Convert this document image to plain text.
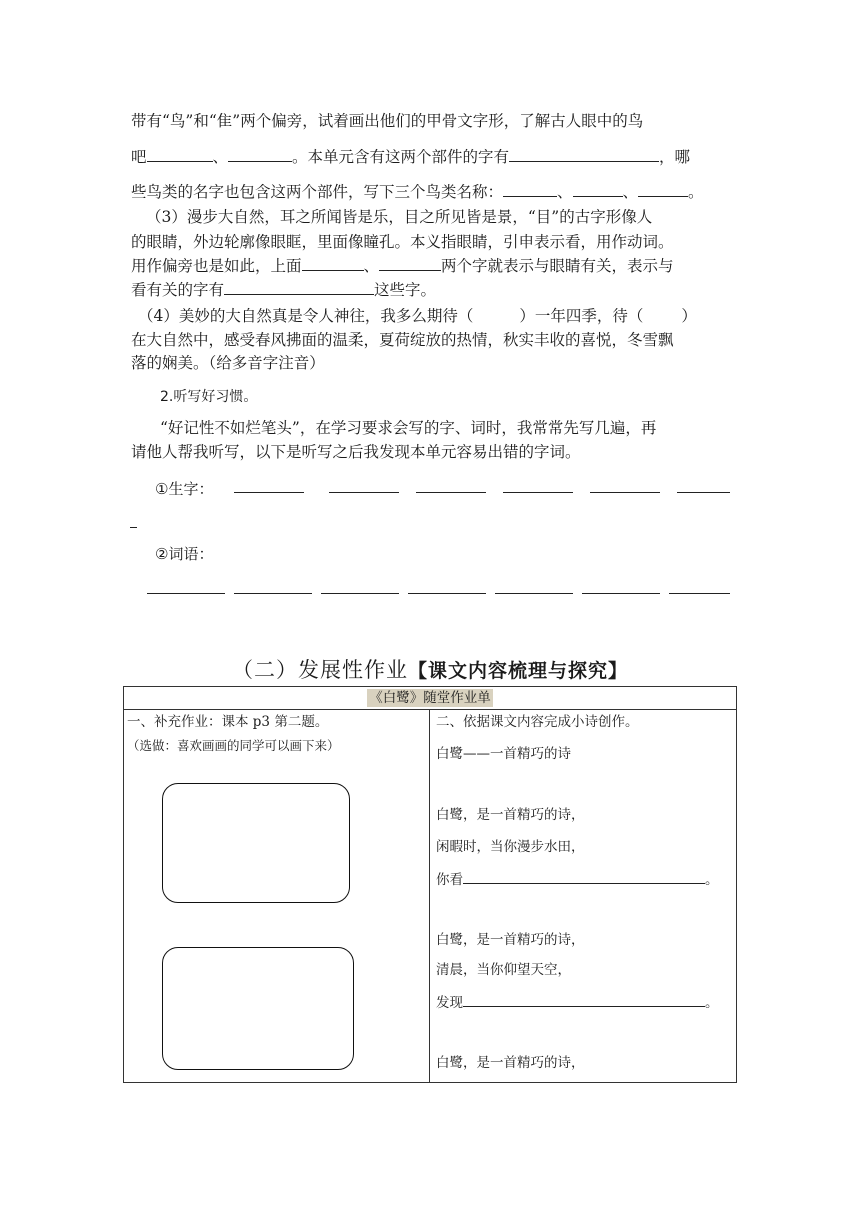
带有“鸟”和“隹”两个偏旁，试着画出他们的甲骨文字形，了解古人眼中的鸟
吧	、	。本单元含有这两个部件的字有	，哪
些鸟类的名字也包含这两个部件，写下三个鸟类名称：	、	、	。
（3）漫步大自然，耳之所闻皆是乐，目之所见皆是景，“目”的古字形像人
的眼睛，外边轮廓像眼眶，里面像瞳孔。本义指眼睛，引申表示看，用作动词。
用作偏旁也是如此，上面	、	两个字就表示与眼睛有关，表示与
看有关的字有	这些字。
（4）美妙的大自然真是令人神往，我多么期待（	）一年四季，待（ ）
在大自然中，感受春风拂面的温柔，夏荷绽放的热情，秋实丰收的喜悦，冬雪飘
落的娴美。（给多音字注音）
2.听写好习惯。
“好记性不如烂笔头”，在学习要求会写的字、词时，我常常先写几遍，再
请他人帮我听写，以下是听写之后我发现本单元容易出错的字词。
①生字：
②词语：
（二）发展性作业【课文内容梳理与探究】
《白鹭》随堂作业单
一、补充作业：课本 p3 第二题。
（选做：喜欢画画的同学可以画下来）
二、依据课文内容完成小诗创作。
白鹭——一首精巧的诗
白鹭，是一首精巧的诗，
闲暇时，当你漫步水田，
你看	。
白鹭，是一首精巧的诗，
清晨，当你仰望天空，
发现	。
白鹭，是一首精巧的诗，
